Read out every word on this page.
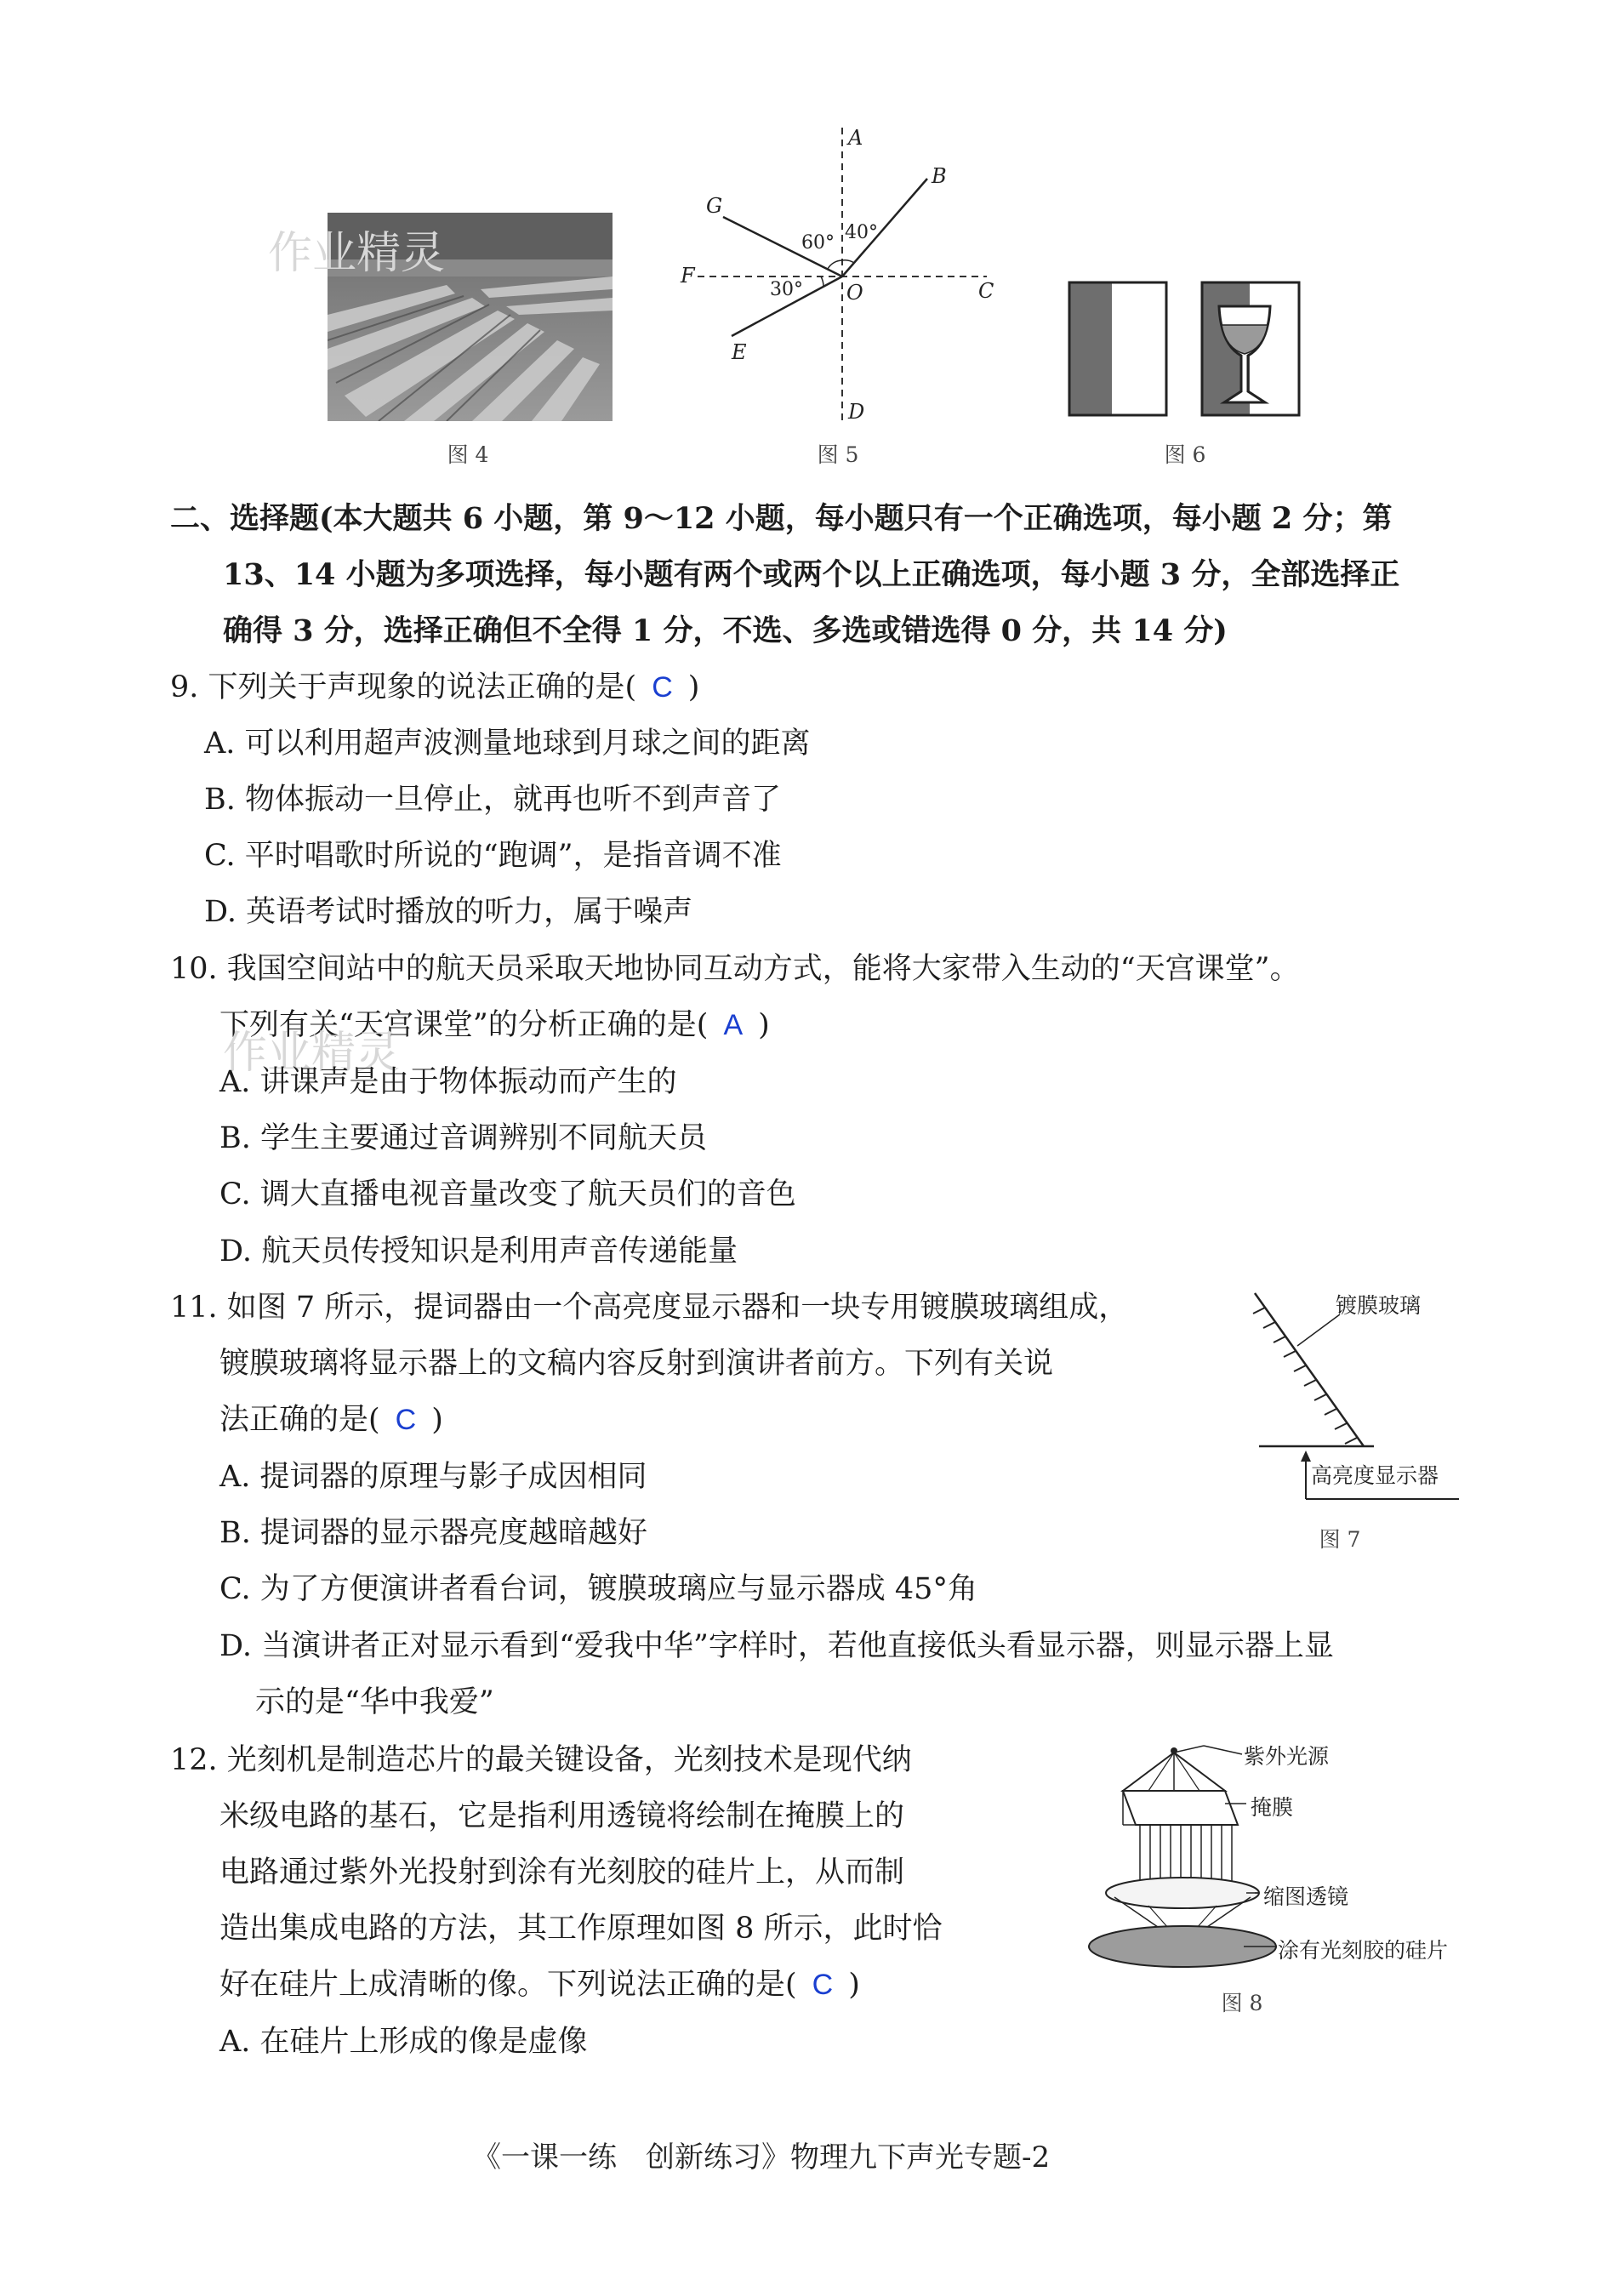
作业精灵
图 4
A
B
G
F
C
O
E
D
60° 40°
30°
图 5	图 6
二、选择题(本大题共 6 小题，第 9～12 小题，每小题只有一个正确选项，每小题 2 分；第
13、14 小题为多项选择，每小题有两个或两个以上正确选项，每小题 3 分，全部选择正
确得 3 分，选择正确但不全得 1 分，不选、多选或错选得 0 分，共 14 分)
9. 下列关于声现象的说法正确的是( C )
A. 可以利用超声波测量地球到月球之间的距离
B. 物体振动一旦停止，就再也听不到声音了
C. 平时唱歌时所说的“跑调”，是指音调不准
D. 英语考试时播放的听力，属于噪声
10. 我国空间站中的航天员采取天地协同互动方式，能将大家带入生动的“天宫课堂”。
下列有关“天宫课堂”的分析正确的是( A )
作业精灵
A. 讲课声是由于物体振动而产生的
B. 学生主要通过音调辨别不同航天员
C. 调大直播电视音量改变了航天员们的音色
D. 航天员传授知识是利用声音传递能量
11. 如图 7 所示，提词器由一个高亮度显示器和一块专用镀膜玻璃组成，
镀膜玻璃将显示器上的文稿内容反射到演讲者前方。下列有关说
法正确的是( C )
A. 提词器的原理与影子成因相同
B. 提词器的显示器亮度越暗越好
C. 为了方便演讲者看台词，镀膜玻璃应与显示器成 45°角
D. 当演讲者正对显示看到“爱我中华”字样时，若他直接低头看显示器，则显示器上显
示的是“华中我爱”
镀膜玻璃
高亮度显示器
图 7
12. 光刻机是制造芯片的最关键设备，光刻技术是现代纳
米级电路的基石，它是指利用透镜将绘制在掩膜上的
电路通过紫外光投射到涂有光刻胶的硅片上，从而制
造出集成电路的方法，其工作原理如图 8 所示，此时恰
好在硅片上成清晰的像。下列说法正确的是( C )
A. 在硅片上形成的像是虚像
紫外光源
掩膜
缩图透镜
涂有光刻胶的硅片
图 8
《一课一练　创新练习》物理九下声光专题-2
